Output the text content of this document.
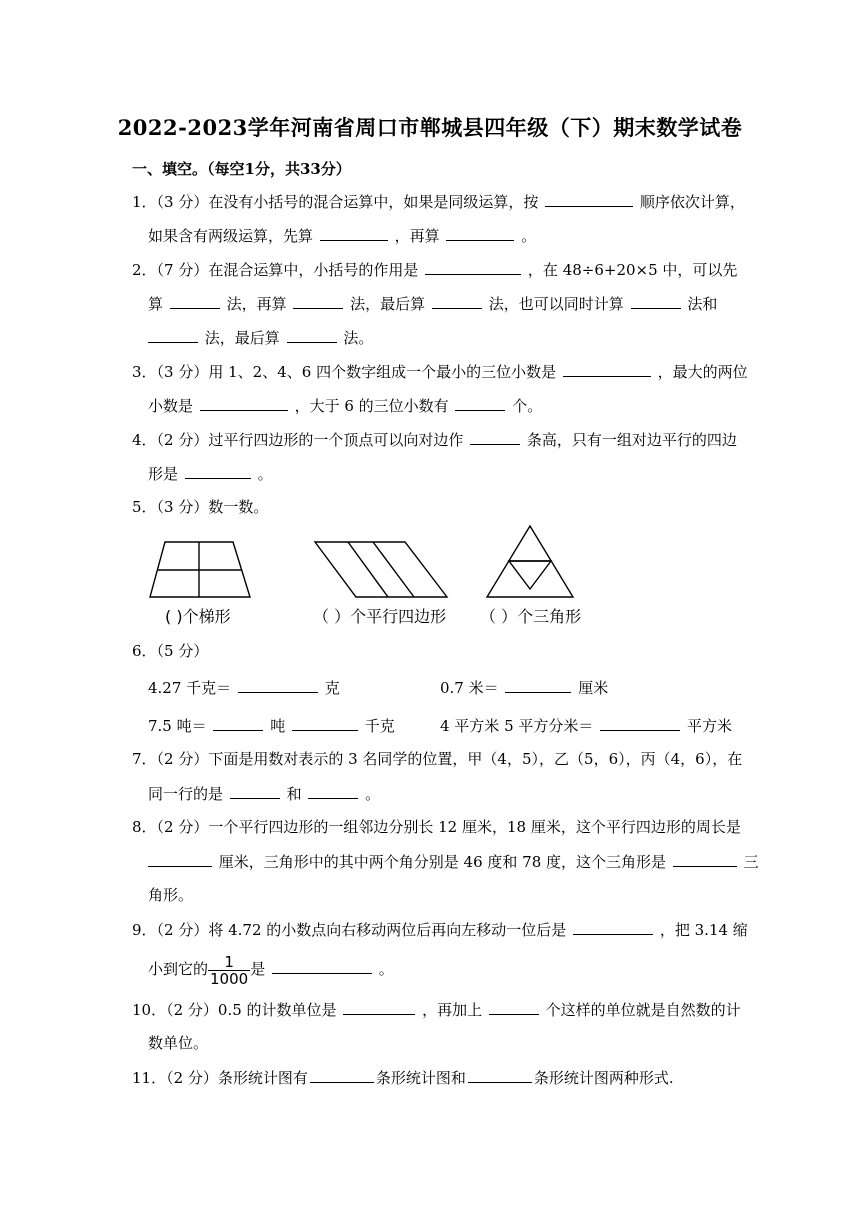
2022-2023学年河南省周口市郸城县四年级（下）期末数学试卷
一、填空。（每空1分，共33分）
1．（3 分）在没有小括号的混合运算中，如果是同级运算，按	顺序依次计算，
如果含有两级运算，先算	，再算	。
2．（7 分）在混合运算中，小括号的作用是	，在 48÷6+20×5 中，可以先
算	法，再算	法，最后算	法，也可以同时计算	法和
法，最后算	法。
3．（3 分）用 1、2、4、6 四个数字组成一个最小的三位小数是	，最大的两位
小数是	，大于 6 的三位小数有	个。
4．（2 分）过平行四边形的一个顶点可以向对边作	条高，只有一组对边平行的四边
形是	。
5．（3 分）数一数。
( )个梯形	（ ）个平行四边形 （ ）个三角形
6．（5 分）
4.27 千克＝	克	0.7 米＝	厘米
7.5 吨＝	吨	千克	4 平方米 5 平方分米＝	平方米
7．（2 分）下面是用数对表示的 3 名同学的位置，甲（4，5），乙（5，6），丙（4，6），在
同一行的是	和	。
8．（2 分）一个平行四边形的一组邻边分别长 12 厘米，18 厘米，这个平行四边形的周长是
厘米，三角形中的其中两个角分别是 46 度和 78 度，这个三角形是	三
角形。
9．（2 分）将 4.72 的小数点向右移动两位后再向左移动一位后是	，把 3.14 缩
小到它的 $\frac{1}{1000}$ 是	。
10．（2 分）0.5 的计数单位是	，再加上	个这样的单位就是自然数的计
数单位。
11．（2 分）条形统计图有	条形统计图和	条形统计图两种形式.
